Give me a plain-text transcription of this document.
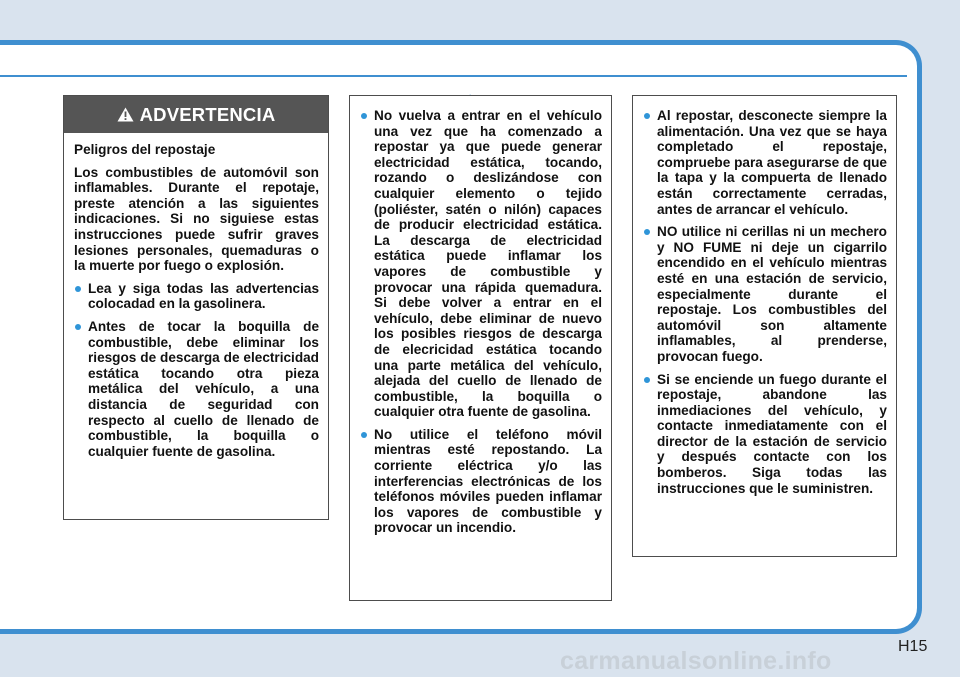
ADVERTENCIA

Peligros del repostaje

Los combustibles de automóvil son inflamables. Durante el repotaje, preste atención a las siguientes indicaciones. Si no siguiese estas instrucciones puede sufrir graves lesiones personales, quemaduras o la muerte por fuego o explosión.

Lea y siga todas las advertencias colocadad en la gasolinera.
Antes de tocar la boquilla de combustible, debe eliminar los riesgos de descarga de electricidad estática tocando otra pieza metálica del vehículo, a una distancia de seguridad con respecto al cuello de llenado de combustible, la boquilla o cualquier fuente de gasolina.
No vuelva a entrar en el vehículo una vez que ha comenzado a repostar ya que puede generar electricidad estática, tocando, rozando o deslizándose con cualquier elemento o tejido (poliéster, satén o nilón) capaces de producir electricidad estática. La descarga de electricidad estática puede inflamar los vapores de combustible y provocar una rápida quemadura. Si debe volver a entrar en el vehículo, debe eliminar de nuevo los posibles riesgos de descarga de elecricidad estática tocando una parte metálica del vehículo, alejada del cuello de llenado de combustible, la boquilla o cualquier otra fuente de gasolina.
No utilice el teléfono móvil mientras esté repostando. La corriente eléctrica y/o las interferencias electrónicas de los teléfonos móviles pueden inflamar los vapores de combustible y provocar un incendio.
Al repostar, desconecte siempre la alimentación. Una vez que se haya completado el repostaje, compruebe para asegurarse de que la tapa y la compuerta de llenado están correctamente cerradas, antes de arrancar el vehículo.
NO utilice ni cerillas ni un mechero y NO FUME ni deje un cigarrilo encendido en el vehículo mientras esté en una estación de servicio, especialmente durante el repostaje. Los combustibles del automóvil son altamente inflamables, al prenderse, provocan fuego.
Si se enciende un fuego durante el repostaje, abandone las inmediaciones del vehículo, y contacte inmediatamente con el director de la estación de servicio y después contacte con los bomberos. Siga todas las instrucciones que le suministren.
H15
carmanualsonline.info
